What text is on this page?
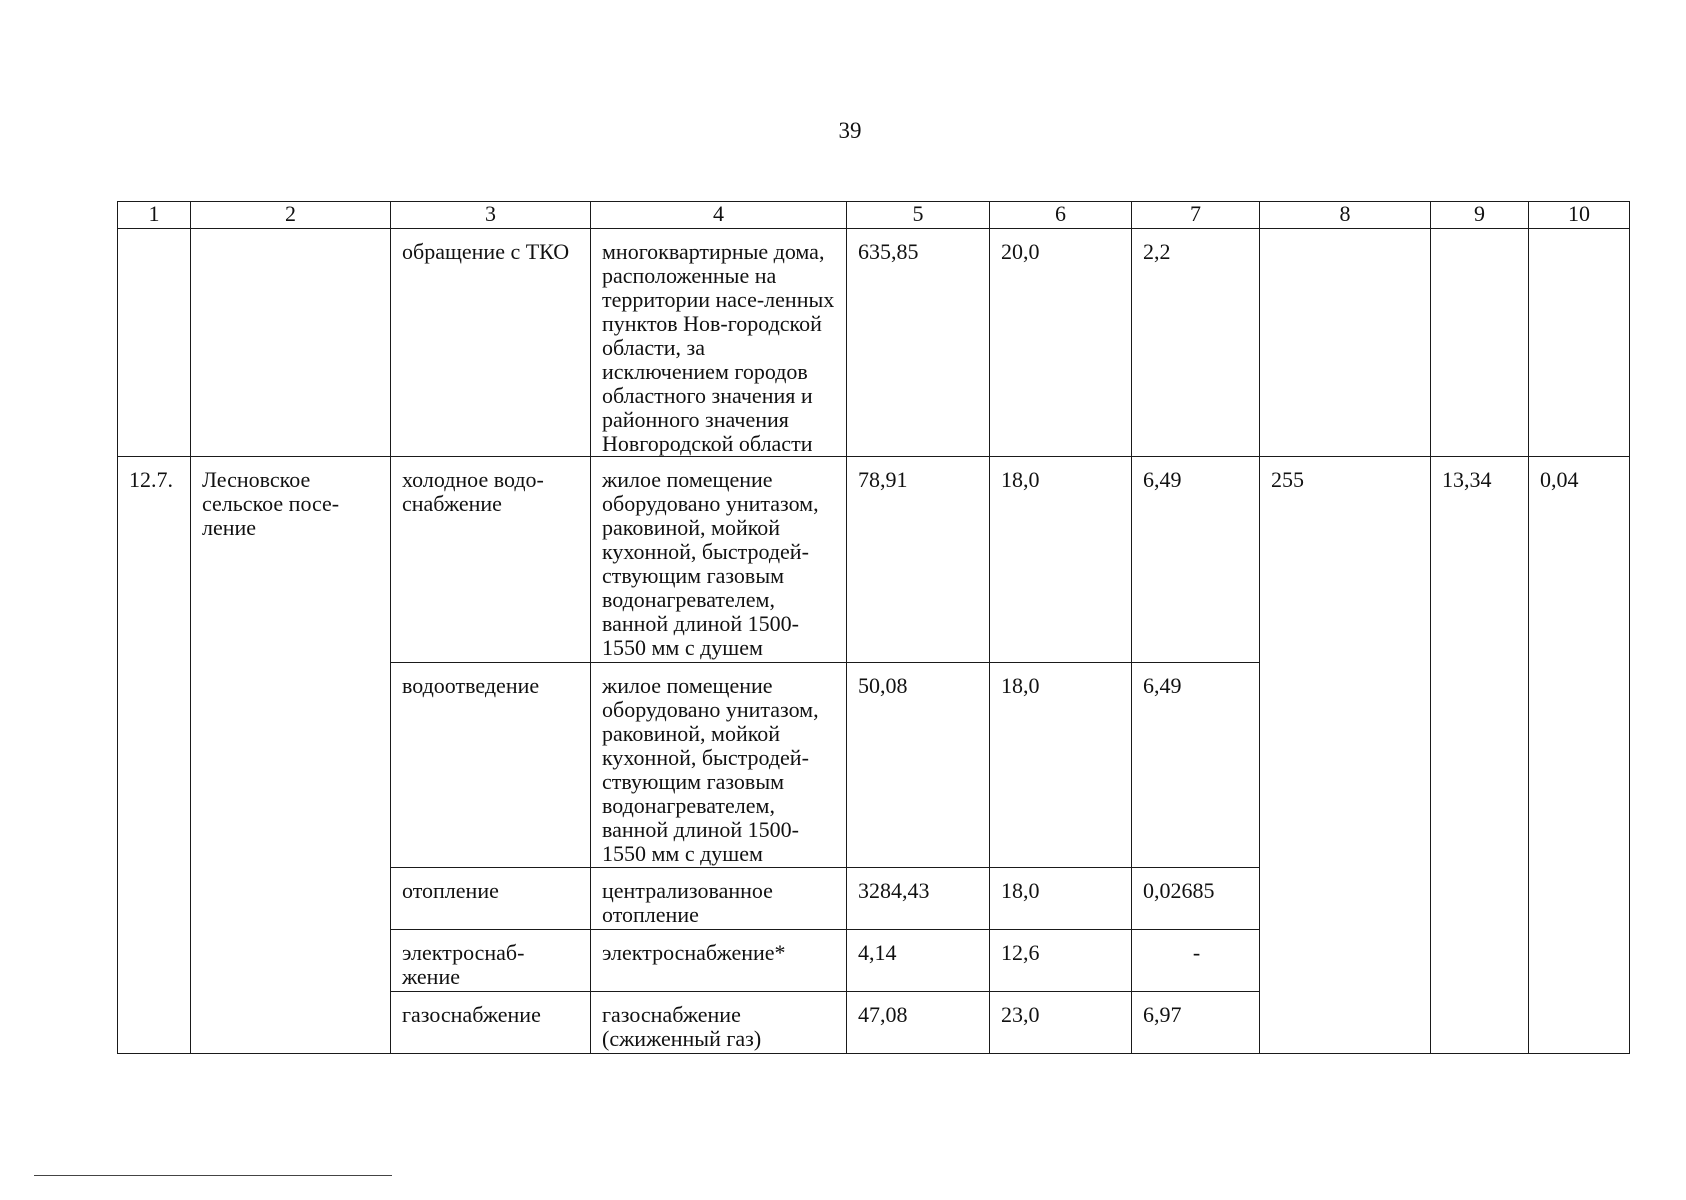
39
1	2	3	4	5	6	7	8	9	10
		обращение с ТКО	многоквартирные дома, расположенные на территории насе-ленных пунктов Нов-городской области, за исключением городов областного значения и районного значения Новгородской области	635,85	20,0	2,2			
12.7.	Лесновское сельское посе-ление	холодное водо-снабжение	жилое помещение оборудовано унитазом, раковиной, мойкой кухонной, быстродей-ствующим газовым водонагревателем, ванной длиной 1500-1550 мм с душем	78,91	18,0	6,49	255	13,34	0,04
		водоотведение	жилое помещение оборудовано унитазом, раковиной, мойкой кухонной, быстродей-ствующим газовым водонагревателем, ванной длиной 1500-1550 мм с душем	50,08	18,0	6,49			
		отопление	централизованное отопление	3284,43	18,0	0,02685			
		электроснаб-жение	электроснабжение*	4,14	12,6	-			
		газоснабжение	газоснабжение (сжиженный газ)	47,08	23,0	6,97			
